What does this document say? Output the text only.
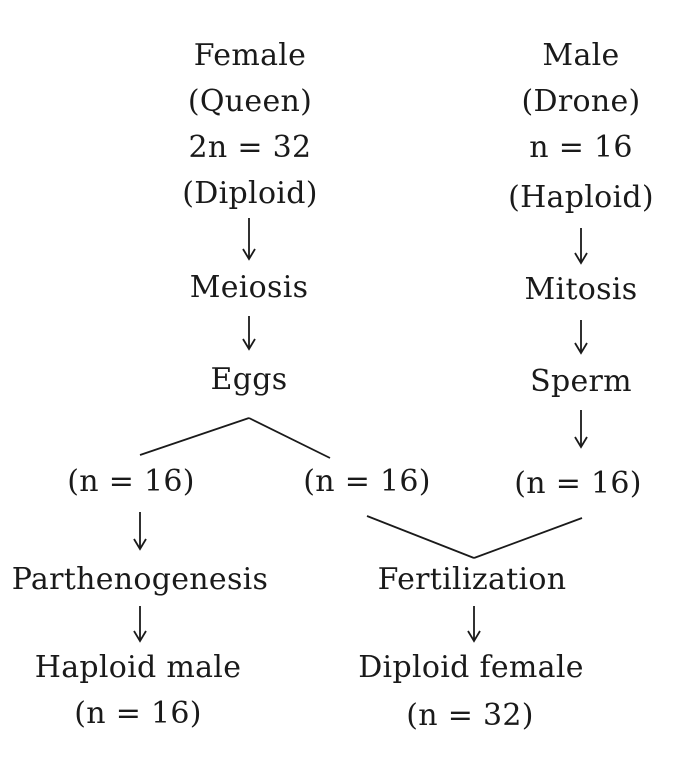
Female
(Queen)
2n = 32
(Diploid)
Meiosis
Eggs
(n = 16)	(n = 16)
Male
(Drone)
n = 16
(Haploid)
Mitosis
Sperm
(n = 16)
Parthenogenesis
Haploid male
(n = 16)
Fertilization
Diploid female
(n = 32)
